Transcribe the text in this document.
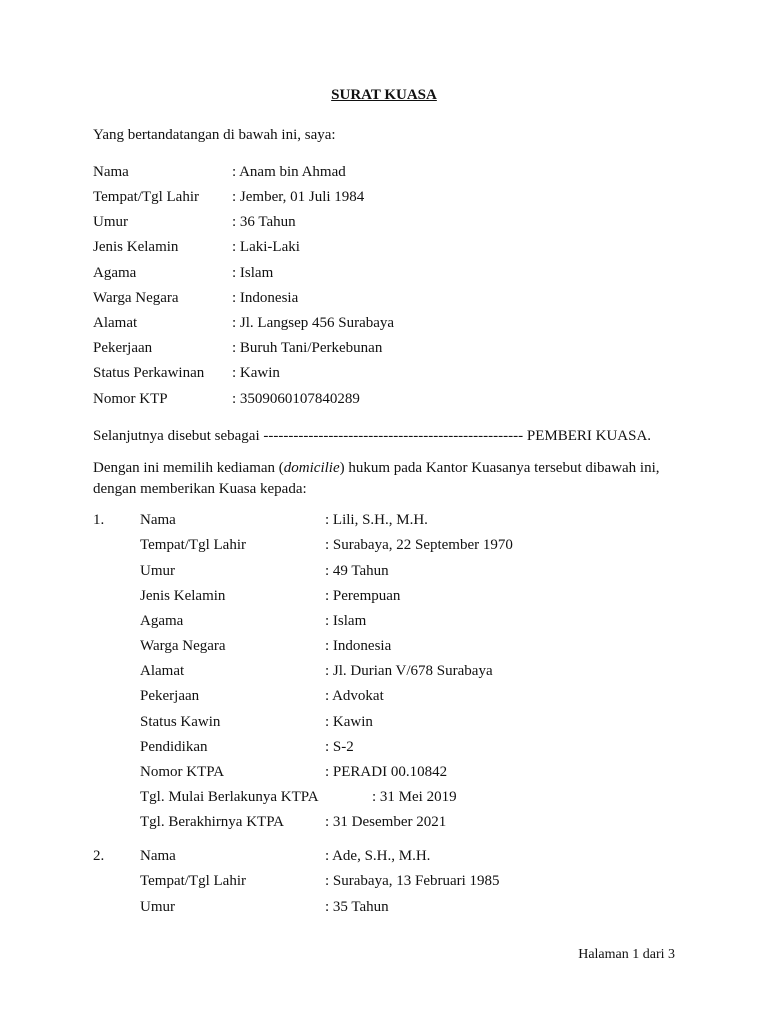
SURAT KUASA
Yang bertandatangan di bawah ini, saya:
Nama	: Anam bin Ahmad
Tempat/Tgl Lahir : Jember, 01 Juli 1984
Umur	: 36 Tahun
Jenis Kelamin	: Laki-Laki
Agama	: Islam
Warga Negara	: Indonesia
Alamat	: Jl. Langsep 456 Surabaya
Pekerjaan	: Buruh Tani/Perkebunan
Status Perkawinan : Kawin
Nomor KTP	: 3509060107840289
Selanjutnya disebut sebagai ---------------------------------------------------- PEMBERI KUASA.
Dengan ini memilih kediaman (domicilie) hukum pada Kantor Kuasanya tersebut dibawah ini, dengan memberikan Kuasa kepada:
1. Nama	: Lili, S.H., M.H.
Tempat/Tgl Lahir	: Surabaya, 22 September 1970
Umur	: 49 Tahun
Jenis Kelamin	: Perempuan
Agama	: Islam
Warga Negara	: Indonesia
Alamat	: Jl. Durian V/678 Surabaya
Pekerjaan	: Advokat
Status Kawin	: Kawin
Pendidikan	: S-2
Nomor KTPA	: PERADI 00.10842
Tgl. Mulai Berlakunya KTPA	: 31 Mei 2019
Tgl. Berakhirnya KTPA	: 31 Desember 2021
2. Nama	: Ade, S.H., M.H.
Tempat/Tgl Lahir	: Surabaya, 13 Februari 1985
Umur	: 35 Tahun
Halaman 1 dari 3
